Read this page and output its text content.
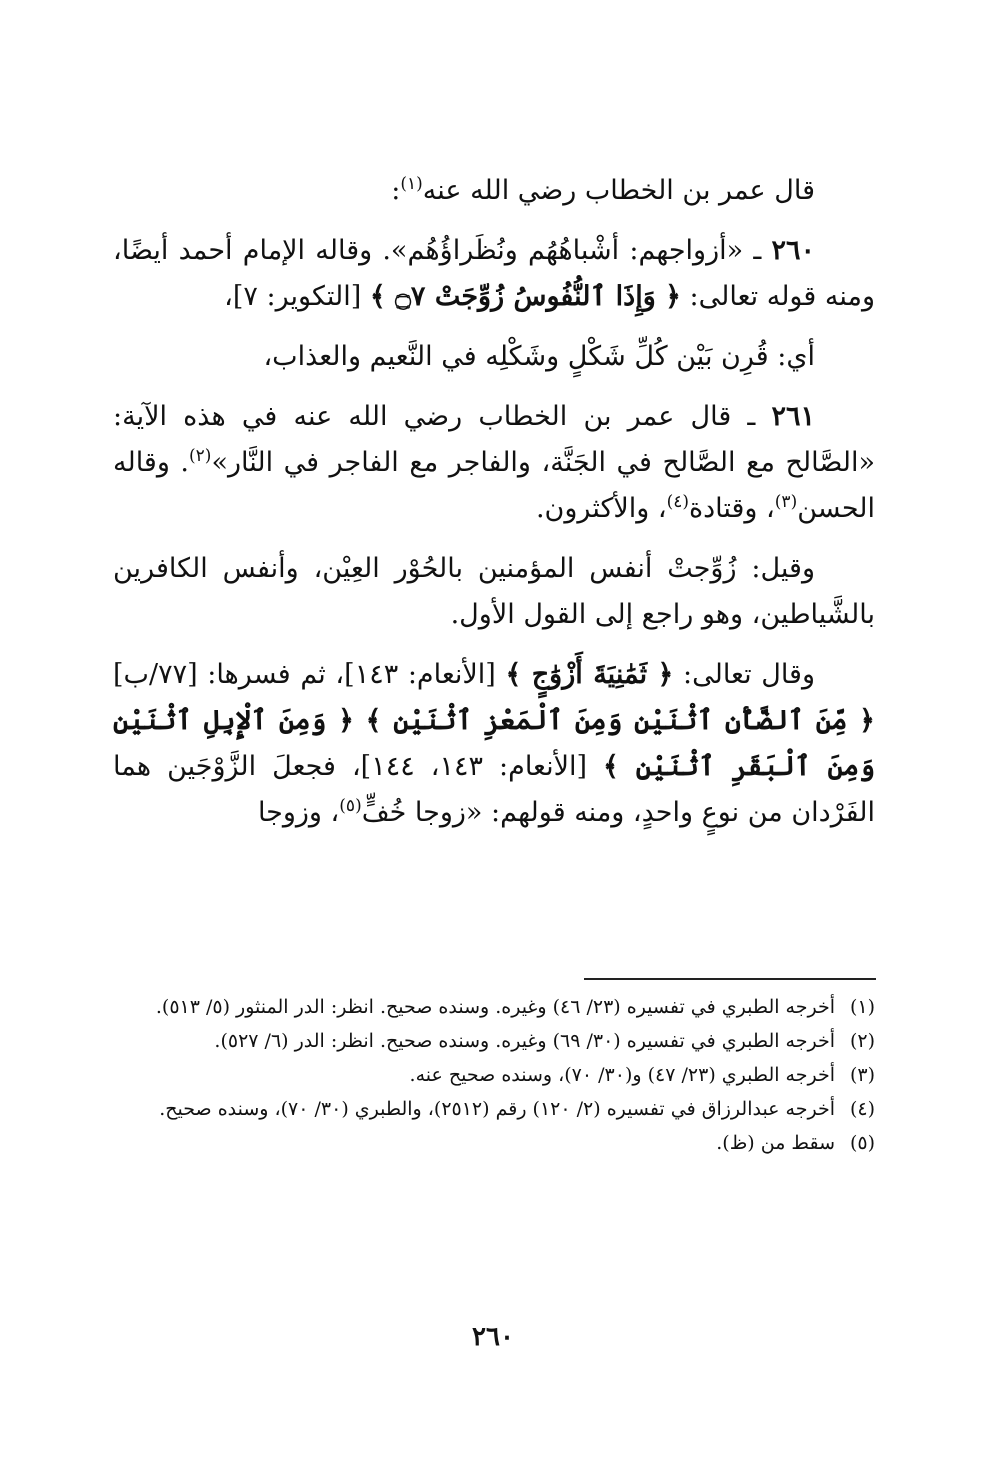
قال عمر بن الخطاب رضي الله عنه$^{(١)}$:

٢٦٠ ـ «أزواجهم: أشْباهُهُم ونُظَراؤُهُم». وقاله الإمام أحمد أيضًا، ومنه قوله تعالى: ﴿ وَإِذَا ٱلنُّفُوسُ زُوِّجَتْ ۝٧ ﴾ [التكوير: ٧]،

أي: قُرِن بَيْن كُلِّ شَكْلٍ وشَكْلِه في النَّعيم والعذاب،

٢٦١ ـ قال عمر بن الخطاب رضي الله عنه في هذه الآية: «الصَّالح مع الصَّالح في الجَنَّة، والفاجر مع الفاجر في النَّار»$^{(٢)}$. وقاله الحسن$^{(٣)}$، وقتادة$^{(٤)}$، والأكثرون.

وقيل: زُوِّجتْ أنفس المؤمنين بالحُوْر العِيْن، وأنفس الكافرين بالشَّياطين، وهو راجع إلى القول الأول.

وقال تعالى: ﴿ ثَمَٰنِيَةَ أَزْوَٰجٍ ﴾ [الأنعام: ١٤٣]، ثم فسرها: [٧٧/ب] ﴿ مِّنَ ٱلضَّأْنِ ٱثْنَيْنِ وَمِنَ ٱلْمَعْزِ ٱثْنَيْنِ ﴾ ﴿ وَمِنَ ٱلْإِبِلِ ٱثْنَيْنِ وَمِنَ ٱلْبَقَرِ ٱثْنَيْنِ ﴾ [الأنعام: ١٤٣، ١٤٤]، فجعلَ الزَّوْجَين هما الفَرْدان من نوعٍ واحدٍ، ومنه قولهم: «زوجا خُفٍّ$^{(٥)}$، وزوجا

(١)
أخرجه الطبري في تفسيره (٢٣/ ٤٦) وغيره. وسنده صحيح. انظر: الدر المنثور (٥/ ٥١٣).
(٢)
أخرجه الطبري في تفسيره (٣٠/ ٦٩) وغيره. وسنده صحيح. انظر: الدر (٦/ ٥٢٧).
(٣)
أخرجه الطبري (٢٣/ ٤٧) و(٣٠/ ٧٠)، وسنده صحيح عنه.
(٤)
أخرجه عبدالرزاق في تفسيره (٢/ ١٢٠) رقم (٢٥١٢)، والطبري (٣٠/ ٧٠)، وسنده صحيح.
(٥)
سقط من (ظ).
٢٦٠
